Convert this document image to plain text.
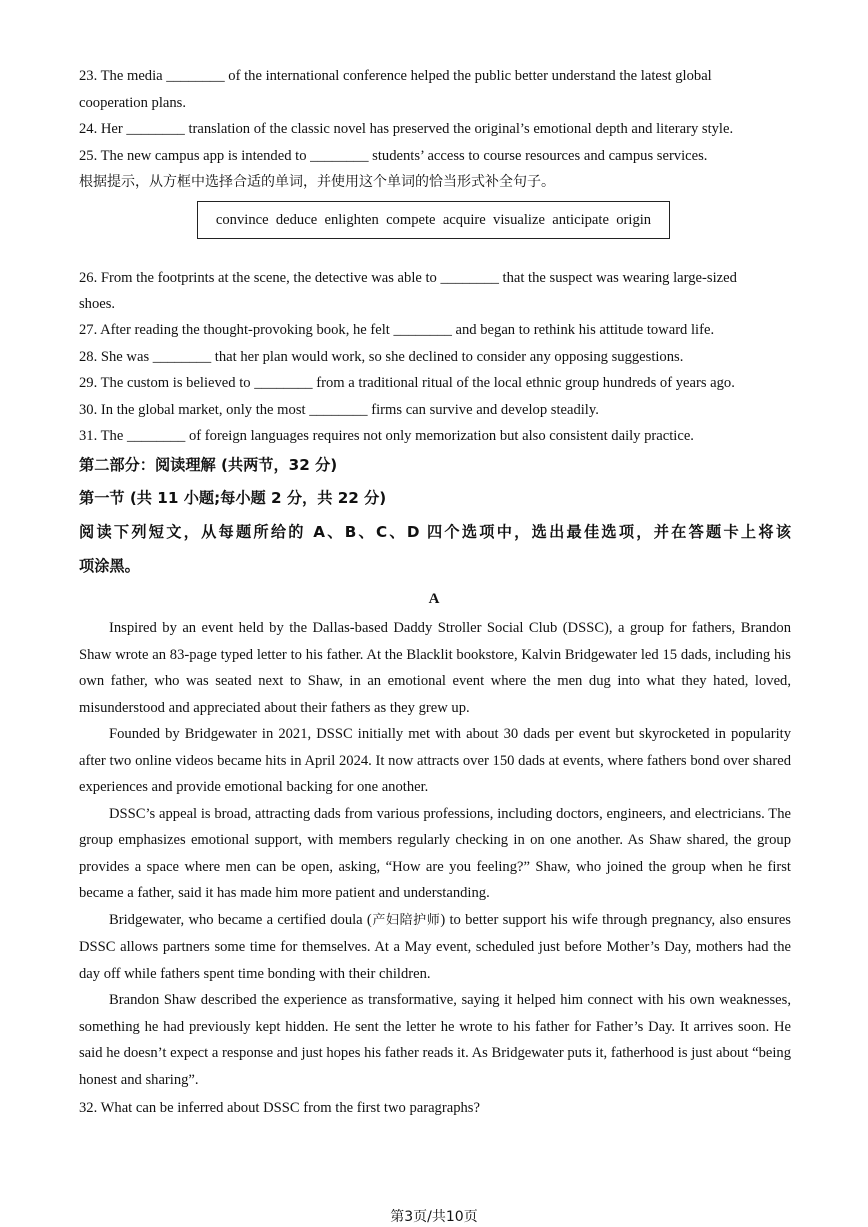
23. The media ________ of the international conference helped the public better understand the latest global
cooperation plans.
24. Her ________ translation of the classic novel has preserved the original’s emotional depth and literary style.
25. The new campus app is intended to ________ students’ access to course resources and campus services.
根据提示，从方框中选择合适的单词，并使用这个单词的恰当形式补全句子。
convince  deduce  enlighten  compete  acquire  visualize  anticipate  origin
26. From the footprints at the scene, the detective was able to ________ that the suspect was wearing large-sized
shoes.
27. After reading the thought-provoking book, he felt ________ and began to rethink his attitude toward life.
28. She was ________ that her plan would work, so she declined to consider any opposing suggestions.
29. The custom is believed to ________ from a traditional ritual of the local ethnic group hundreds of years ago.
30. In the global market, only the most ________ firms can survive and develop steadily.
31. The ________ of foreign languages requires not only memorization but also consistent daily practice.
第二部分：阅读理解 (共两节，32 分)
第一节 (共 11 小题;每小题 2 分，共 22 分)
阅读下列短文，从每题所给的 A、B、C、D 四个选项中，选出最佳选项，并在答题卡上将该
项涂黑。
A

Inspired by an event held by the Dallas-based Daddy Stroller Social Club (DSSC), a group for fathers, Brandon Shaw wrote an 83-page typed letter to his father. At the Blacklit bookstore, Kalvin Bridgewater led 15 dads, including his own father, who was seated next to Shaw, in an emotional event where the men dug into what they hated, loved, misunderstood and appreciated about their fathers as they grew up.

Founded by Bridgewater in 2021, DSSC initially met with about 30 dads per event but skyrocketed in popularity after two online videos became hits in April 2024. It now attracts over 150 dads at events, where fathers bond over shared experiences and provide emotional backing for one another.

DSSC’s appeal is broad, attracting dads from various professions, including doctors, engineers, and electricians. The group emphasizes emotional support, with members regularly checking in on one another. As Shaw shared, the group provides a space where men can be open, asking, “How are you feeling?” Shaw, who joined the group when he first became a father, said it has made him more patient and understanding.

Bridgewater, who became a certified doula (产妇陪护师) to better support his wife through pregnancy, also ensures DSSC allows partners some time for themselves. At a May event, scheduled just before Mother’s Day, mothers had the day off while fathers spent time bonding with their children.

Brandon Shaw described the experience as transformative, saying it helped him connect with his own weaknesses, something he had previously kept hidden. He sent the letter he wrote to his father for Father’s Day. It arrives soon. He said he doesn’t expect a response and just hopes his father reads it. As Bridgewater puts it, fatherhood is just about “being honest and sharing”.

32. What can be inferred about DSSC from the first two paragraphs?
第3页/共10页
